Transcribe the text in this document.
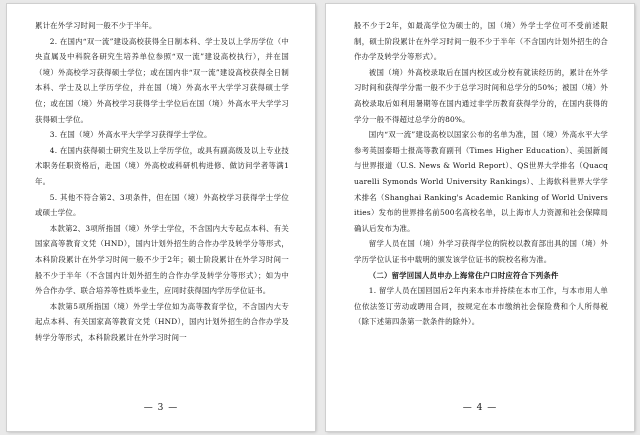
累计在外学习时间一般不少于半年。

2. 在国内“双一流”建设高校获得全日制本科、学士及以上学历学位（中央直属及中科院各研究生培养单位参照“双一流”建设高校执行），并在国（境）外高校学习获得硕士学位；或在国内非“双一流”建设高校获得全日制本科、学士及以上学历学位，并在国（境）外高水平大学学习获得硕士学位；或在国（境）外高校学习获得学士学位后在国（境）外高水平大学学习获得硕士学位。

3. 在国（境）外高水平大学学习获得学士学位。

4. 在国内获得硕士研究生及以上学历学位，或具有副高级及以上专业技术职务任职资格后，赴国（境）外高校或科研机构进修、做访问学者等满1年。

5. 其他不符合第2、3项条件，但在国（境）外高校学习获得学士学位或硕士学位。

本款第2、3项所指国（境）外学士学位，不含国内大专起点本科、有关国家高等教育文凭（HND），国内计划外招生的合作办学及转学分等形式，本科阶段累计在外学习时间一般不少于2年；硕士阶段累计在外学习时间一般不少于半年（不含国内计划外招生的合作办学及转学分等形式）；如为中外合作办学、联合培养等性质毕业生，应同时获得国内学历学位证书。

本款第5项所指国（境）外学士学位如为高等教育学位，不含国内大专起点本科、有关国家高等教育文凭（HND），国内计划外招生的合作办学及转学分等形式，本科阶段累计在外学习时间一

— 3 —

般不少于2年，如最高学位为硕士的，国（境）外学士学位可不受前述限制，硕士阶段累计在外学习时间一般不少于半年（不含国内计划外招生的合作办学及转学分等形式）。

被国（境）外高校录取后在国内校区或分校有就读经历的，累计在外学习时间和获得学分需一般不少于总学习时间和总学分的50%；被国（境）外高校录取后如利用暑期等在国内通过非学历教育获得学分的，在国内获得的学分一般不得超过总学分的80%。

国内“双一流”建设高校以国家公布的名单为准，国（境）外高水平大学参考英国泰晤士报高等教育副刊（Times Higher Education）、美国新闻与世界报道（U.S. News & World Report）、QS世界大学排名（Quacquarelli Symonds World University Rankings）、上海软科世界大学学术排名（Shanghai Ranking's Academic Ranking of World Universities）发布的世界排名前500名高校名单，以上海市人力资源和社会保障局确认后发布为准。

留学人员在国（境）外学习获得学位的院校以教育部出具的国（境）外学历学位认证书中载明的颁发该学位证书的院校名称为准。

（二）留学回国人员申办上海常住户口时应符合下列条件

1. 留学人员在国回国后2年内来本市并持续在本市工作，与本市用人单位依法签订劳动或聘用合同，按规定在本市缴纳社会保险费和个人所得税（除下述第四条第一款条件的除外）。

— 4 —
